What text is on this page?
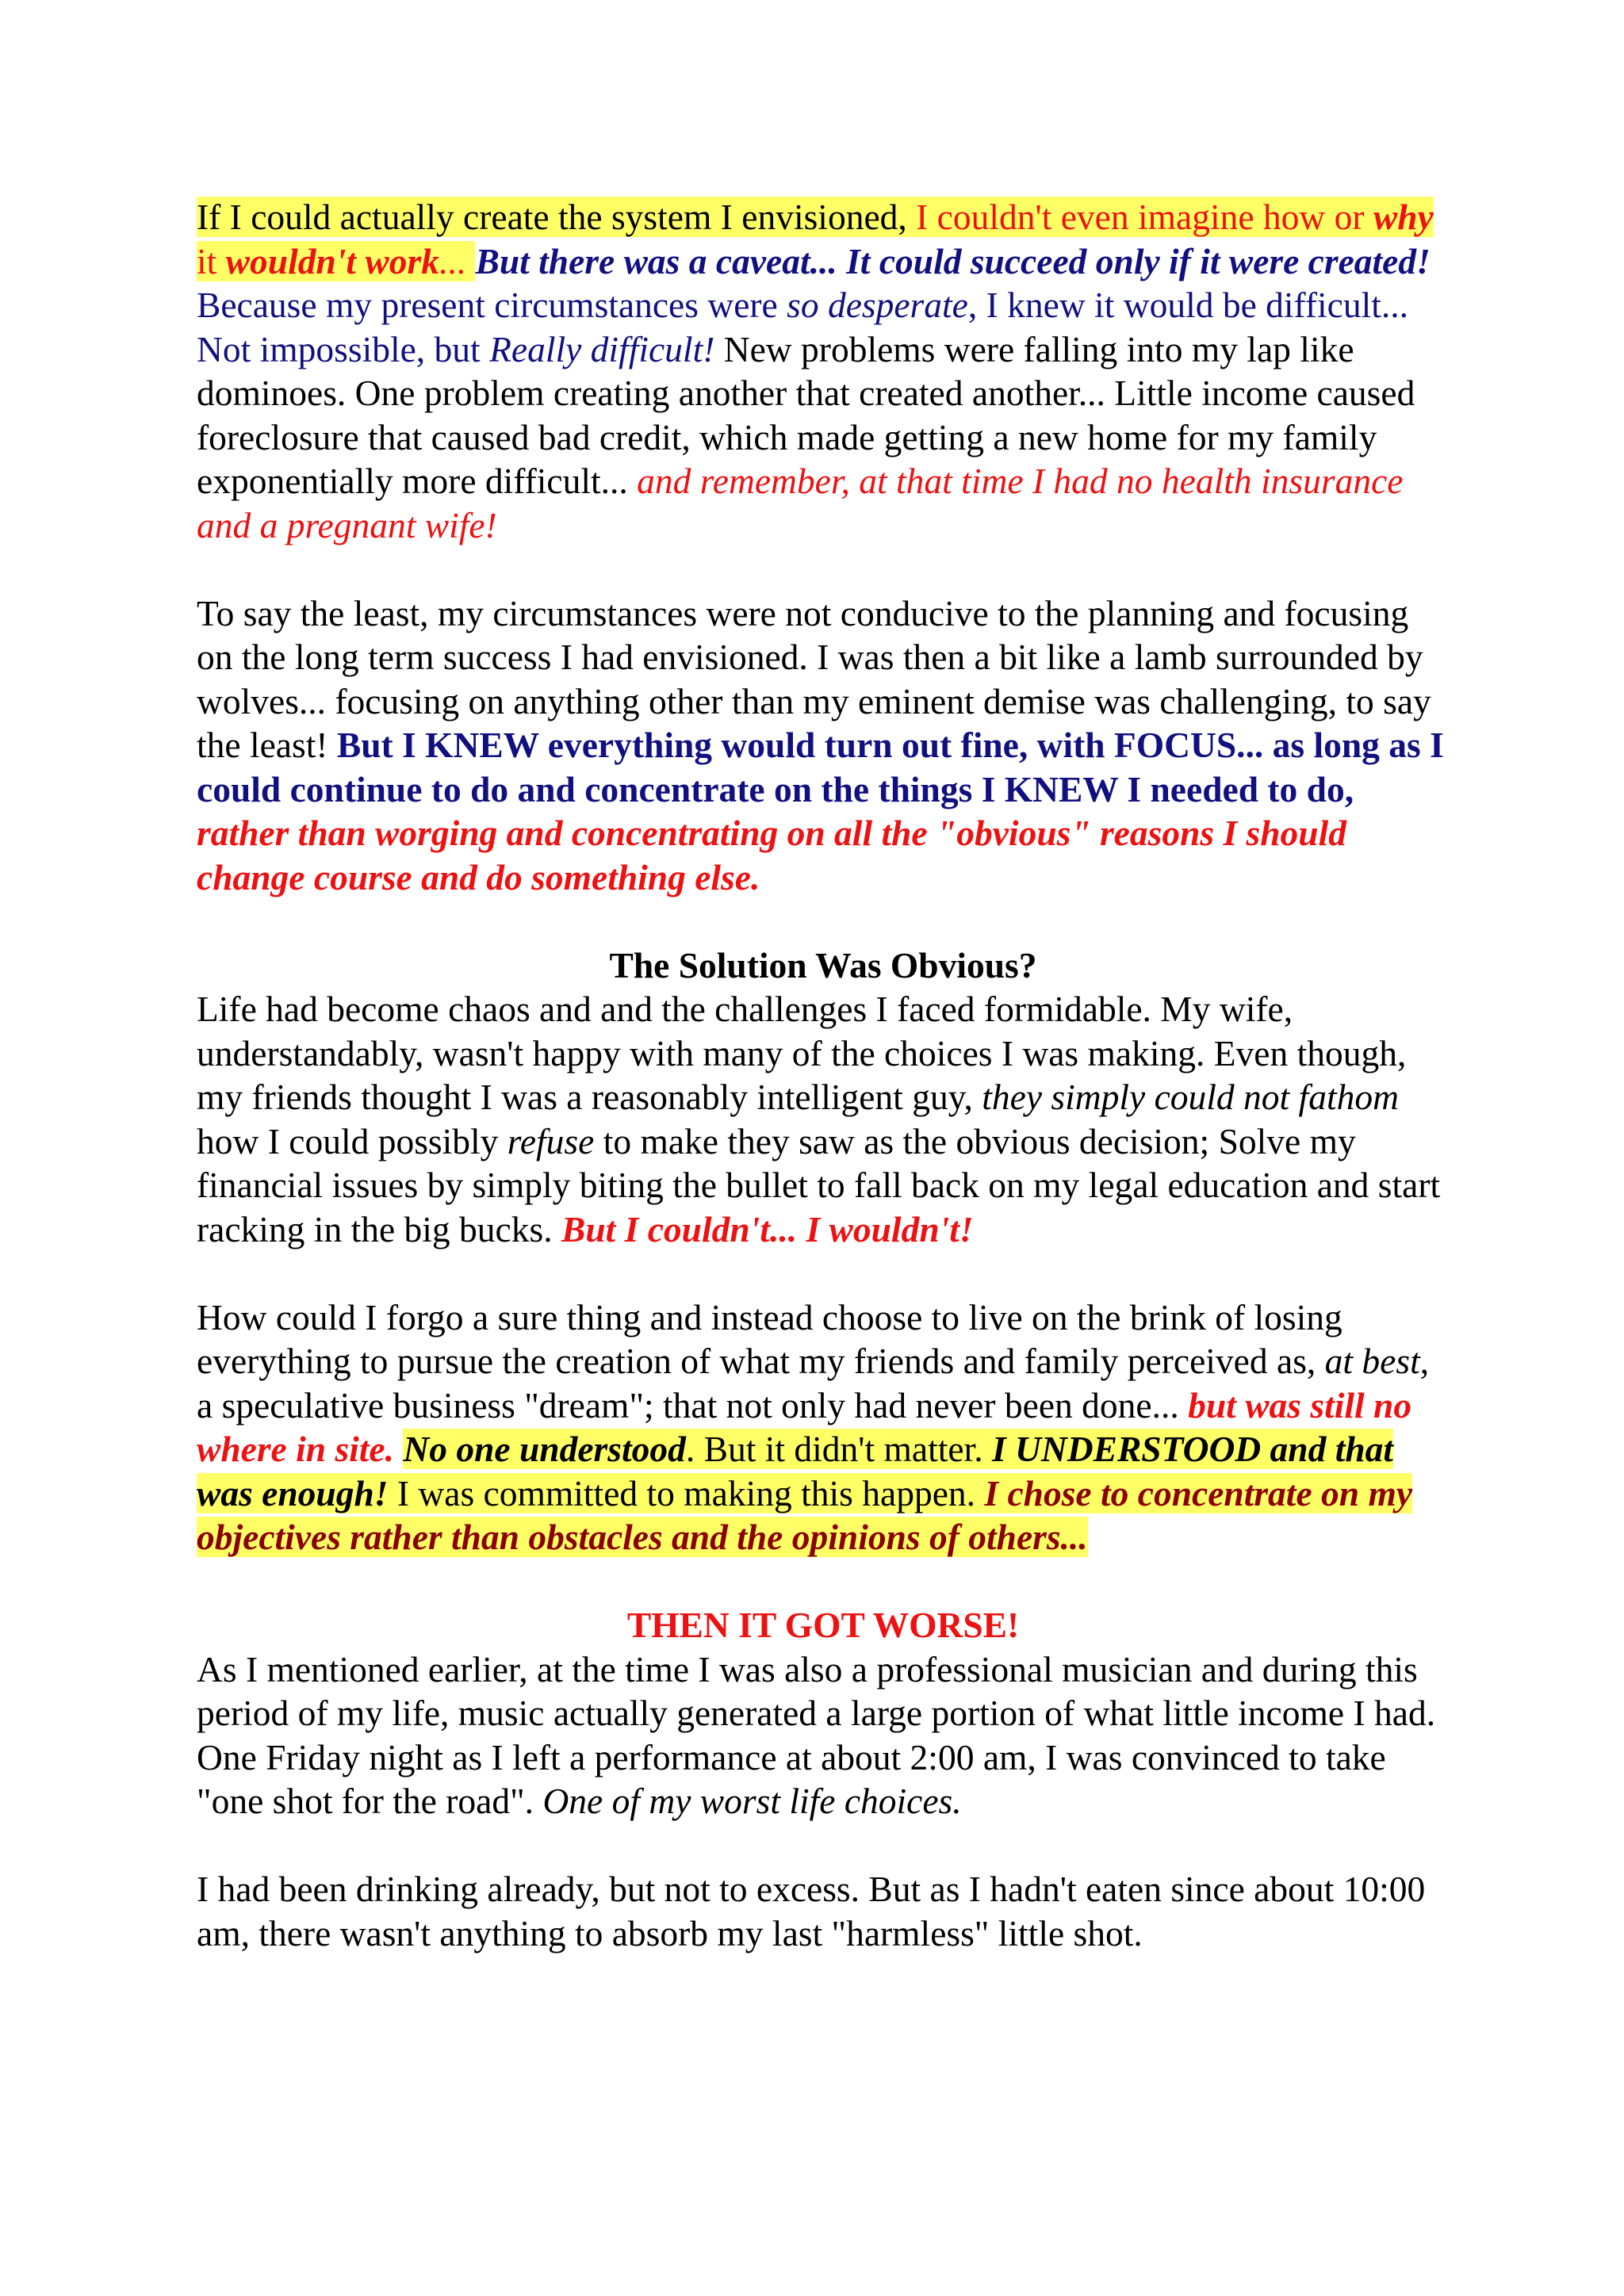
If I could actually create the system I envisioned, I couldn't even imagine how or why it wouldn't work... But there was a caveat... It could succeed only if it were created!

Because my present circumstances were so desperate, I knew it would be difficult... Not impossible, but Really difficult! New problems were falling into my lap like dominoes. One problem creating another that created another... Little income caused foreclosure that caused bad credit, which made getting a new home for my family exponentially more difficult... and remember, at that time I had no health insurance and a pregnant wife!

To say the least, my circumstances were not conducive to the planning and focusing on the long term success I had envisioned. I was then a bit like a lamb surrounded by wolves... focusing on anything other than my eminent demise was challenging, to say the least! But I KNEW everything would turn out fine, with FOCUS... as long as I could continue to do and concentrate on the things I KNEW I needed to do, rather than worging and concentrating on all the "obvious" reasons I should change course and do something else.

The Solution Was Obvious?

Life had become chaos and and the challenges I faced formidable. My wife, understandably, wasn't happy with many of the choices I was making. Even though, my friends thought I was a reasonably intelligent guy, they simply could not fathom how I could possibly refuse to make they saw as the obvious decision; Solve my financial issues by simply biting the bullet to fall back on my legal education and start racking in the big bucks. But I couldn't... I wouldn't!

How could I forgo a sure thing and instead choose to live on the brink of losing everything to pursue the creation of what my friends and family perceived as, at best, a speculative business "dream"; that not only had never been done... but was still no where in site. No one understood. But it didn't matter. I UNDERSTOOD and that was enough! I was committed to making this happen. I chose to concentrate on my objectives rather than obstacles and the opinions of others...

THEN IT GOT WORSE!

As I mentioned earlier, at the time I was also a professional musician and during this period of my life, music actually generated a large portion of what little income I had. One Friday night as I left a performance at about 2:00 am, I was convinced to take "one shot for the road". One of my worst life choices.

I had been drinking already, but not to excess. But as I hadn't eaten since about 10:00 am, there wasn't anything to absorb my last "harmless" little shot.
